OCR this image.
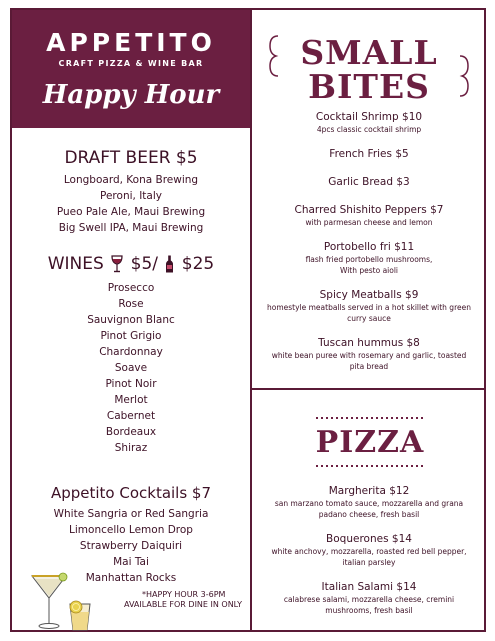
APPETITO
CRAFT PIZZA & WINE BAR
Happy Hour
DRAFT BEER $5
Longboard, Kona Brewing
Peroni, Italy
Pueo Pale Ale, Maui Brewing
Big Swell IPA, Maui Brewing
WINES $5/ $25
Prosecco
Rose
Sauvignon Blanc
Pinot Grigio
Chardonnay
Soave
Pinot Noir
Merlot
Cabernet
Bordeaux
Shiraz
Appetito Cocktails $7
White Sangria or Red Sangria
Limoncello Lemon Drop
Strawberry Daiquiri
Mai Tai
Manhattan Rocks
*HAPPY HOUR 3-6PM
AVAILABLE FOR DINE IN ONLY
SMALL
BITES
Cocktail Shrimp $10
4pcs classic cocktail shrimp
French Fries $5
Garlic Bread $3
Charred Shishito Peppers $7
with parmesan cheese and lemon
Portobello fri $11
flash fried portobello mushrooms,
With pesto aioli
Spicy Meatballs $9
homestyle meatballs served in a hot skillet with green curry sauce
Tuscan hummus $8
white bean puree with rosemary and garlic, toasted pita bread
PIZZA
Margherita $12
san marzano tomato sauce, mozzarella and grana padano cheese, fresh basil
Boquerones $14
white anchovy, mozzarella, roasted red bell pepper, italian parsley
Italian Salami $14
calabrese salami, mozzarella cheese, cremini mushrooms, fresh basil
